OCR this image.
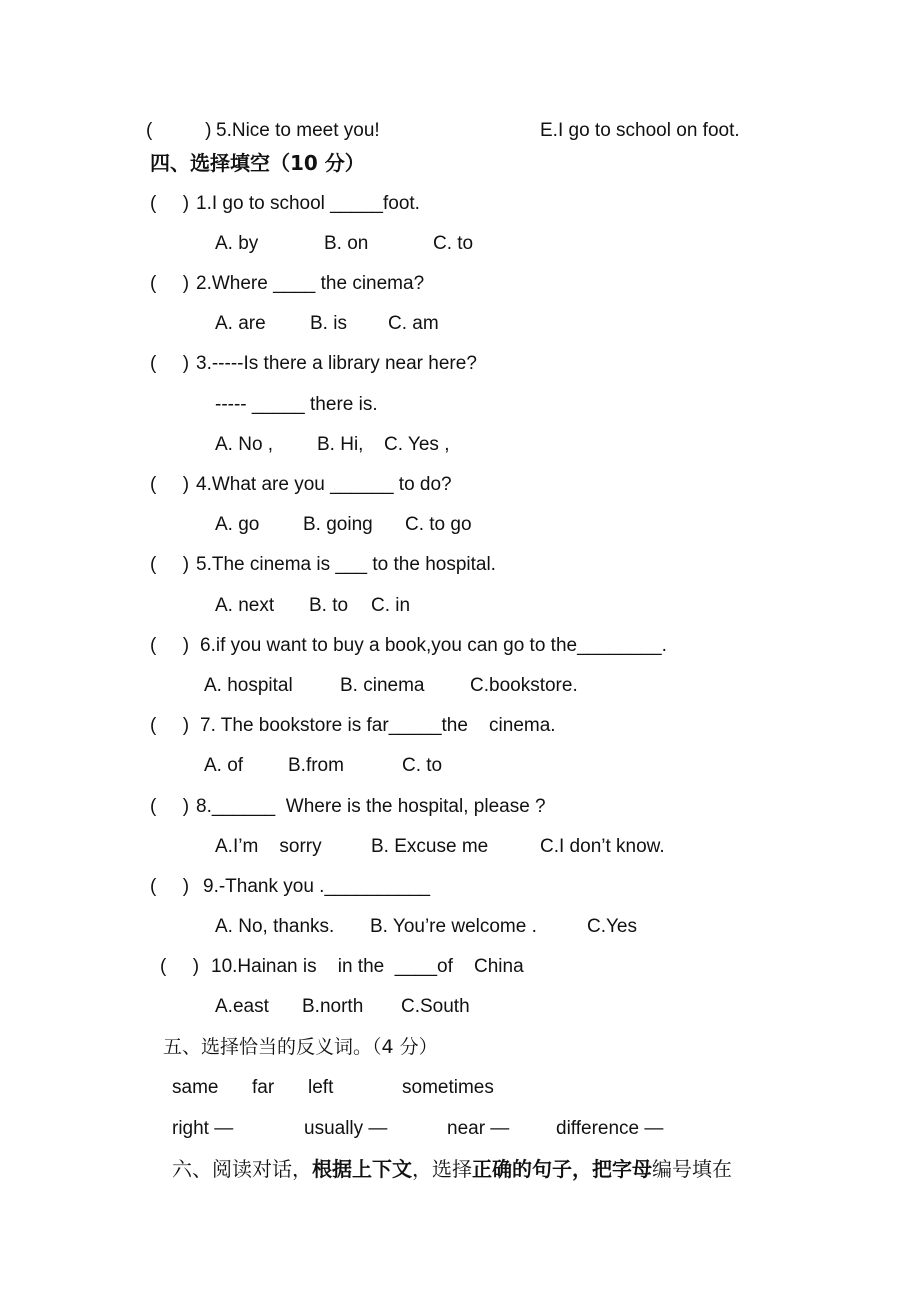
(          ) 5.Nice to meet you!	E.I go to school on foot.
四、选择填空（10 分）
(     ) 1.I go to school _____foot.
A. by	B. on	C. to
(     ) 2.Where ____ the cinema?
A. are B. is C. am
(     ) 3.-----Is there a library near here?
----- _____ there is.
A. No , B. Hi, C. Yes ,
(     ) 4.What are you ______ to do?
A. go B. going C. to go
(     ) 5.The cinema is ___ to the hospital.
A. next B. to C. in
(     ) 6.if you want to buy a book,you can go to the________.
A. hospital B. cinema C.bookstore.
(     ) 7. The bookstore is far_____the    cinema.
A. of B.from	C. to
(     ) 8.______  Where is the hospital, please ?
A.I’m    sorry	B. Excuse me	C.I don’t know.
(     ) 9.-Thank you .__________
A. No, thanks. B. You’re welcome .	C.Yes
(     ) 10.Hainan is    in the  ____of    China
A.east B.north C.South
五、选择恰当的反义词。（4 分）
same far left	sometimes
right —	usually —	near — difference —
六、阅读对话，根据上下文，选择正确的句子，把字母编号填在
